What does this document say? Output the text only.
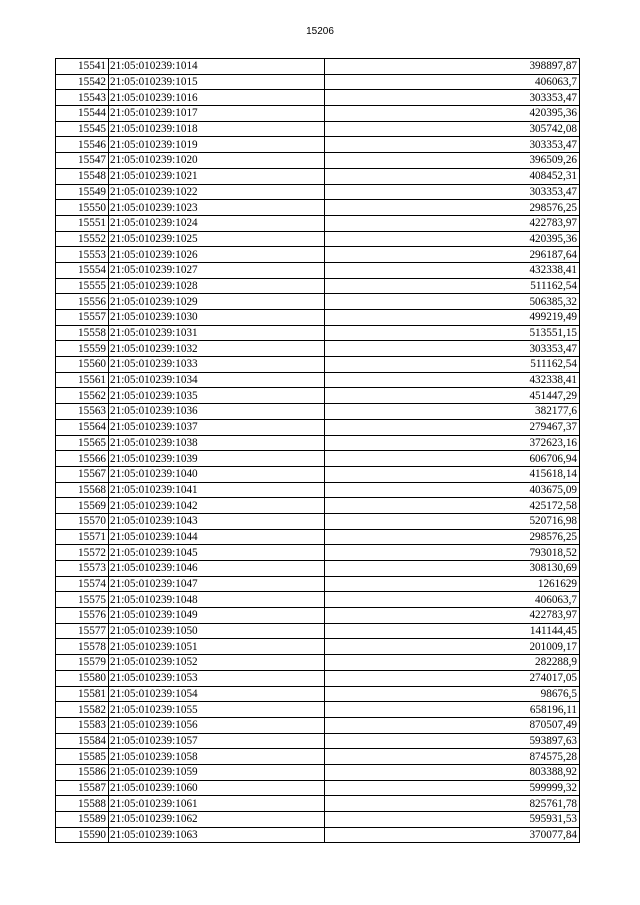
15206
15541	21:05:010239:1014	398897,87
15542	21:05:010239:1015	406063,7
15543	21:05:010239:1016	303353,47
15544	21:05:010239:1017	420395,36
15545	21:05:010239:1018	305742,08
15546	21:05:010239:1019	303353,47
15547	21:05:010239:1020	396509,26
15548	21:05:010239:1021	408452,31
15549	21:05:010239:1022	303353,47
15550	21:05:010239:1023	298576,25
15551	21:05:010239:1024	422783,97
15552	21:05:010239:1025	420395,36
15553	21:05:010239:1026	296187,64
15554	21:05:010239:1027	432338,41
15555	21:05:010239:1028	511162,54
15556	21:05:010239:1029	506385,32
15557	21:05:010239:1030	499219,49
15558	21:05:010239:1031	513551,15
15559	21:05:010239:1032	303353,47
15560	21:05:010239:1033	511162,54
15561	21:05:010239:1034	432338,41
15562	21:05:010239:1035	451447,29
15563	21:05:010239:1036	382177,6
15564	21:05:010239:1037	279467,37
15565	21:05:010239:1038	372623,16
15566	21:05:010239:1039	606706,94
15567	21:05:010239:1040	415618,14
15568	21:05:010239:1041	403675,09
15569	21:05:010239:1042	425172,58
15570	21:05:010239:1043	520716,98
15571	21:05:010239:1044	298576,25
15572	21:05:010239:1045	793018,52
15573	21:05:010239:1046	308130,69
15574	21:05:010239:1047	1261629
15575	21:05:010239:1048	406063,7
15576	21:05:010239:1049	422783,97
15577	21:05:010239:1050	141144,45
15578	21:05:010239:1051	201009,17
15579	21:05:010239:1052	282288,9
15580	21:05:010239:1053	274017,05
15581	21:05:010239:1054	98676,5
15582	21:05:010239:1055	658196,11
15583	21:05:010239:1056	870507,49
15584	21:05:010239:1057	593897,63
15585	21:05:010239:1058	874575,28
15586	21:05:010239:1059	803388,92
15587	21:05:010239:1060	599999,32
15588	21:05:010239:1061	825761,78
15589	21:05:010239:1062	595931,53
15590	21:05:010239:1063	370077,84
